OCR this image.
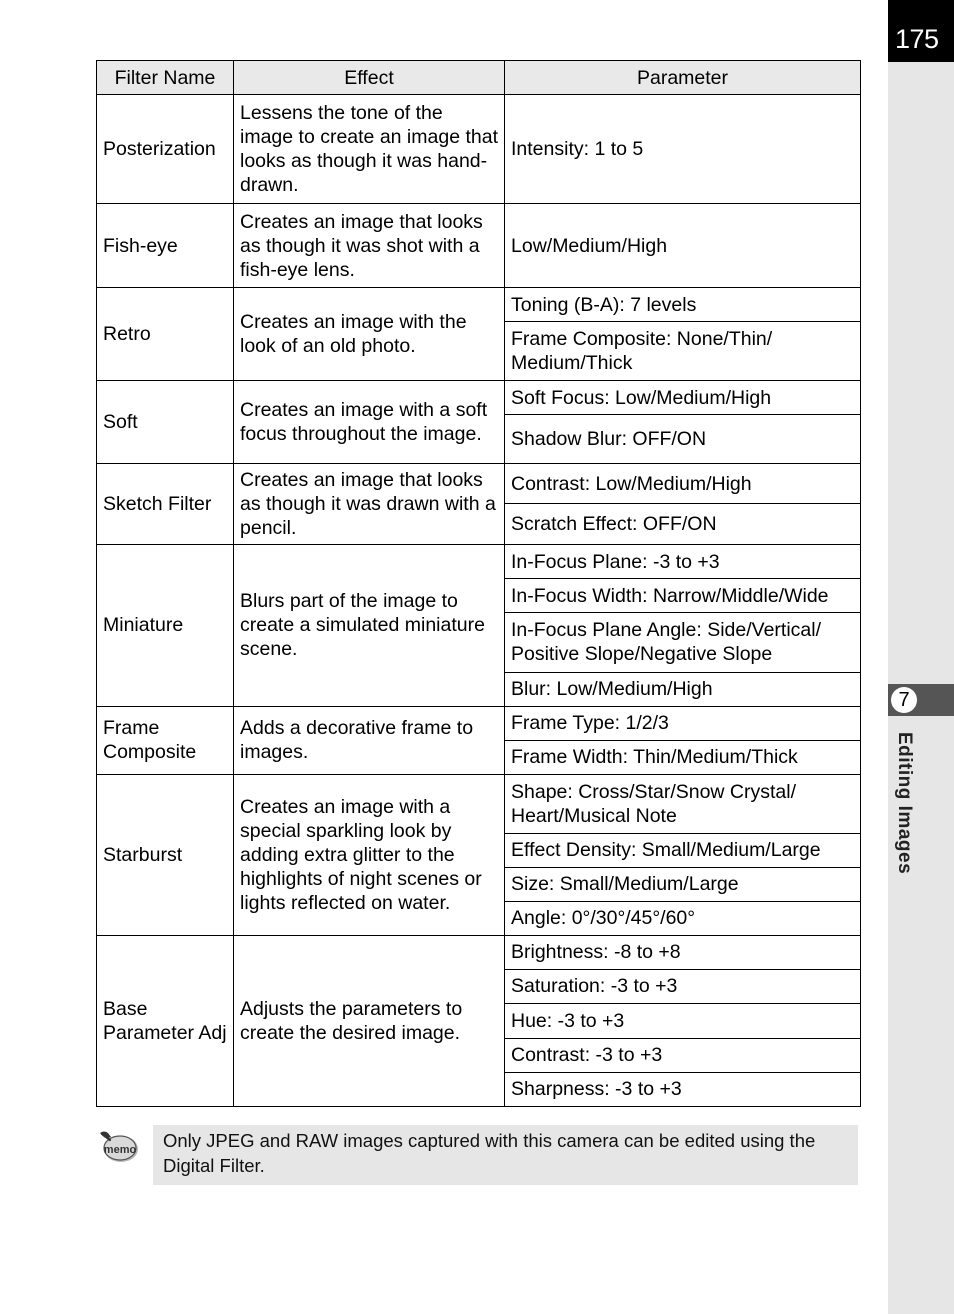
175
7
Editing Images
Filter Name	Effect	Parameter
Posterization	Lessens the tone of the image to create an image that looks as though it was hand-drawn.	Intensity: 1 to 5
Fish-eye	Creates an image that looks as though it was shot with a fish-eye lens.	Low/Medium/High
Retro	Creates an image with the look of an old photo.	Toning (B-A): 7 levels
		Frame Composite: None/Thin/ Medium/Thick
Soft	Creates an image with a soft focus throughout the image.	Soft Focus: Low/Medium/High
		Shadow Blur: OFF/ON
Sketch Filter	Creates an image that looks as though it was drawn with a pencil.	Contrast: Low/Medium/High
		Scratch Effect: OFF/ON
Miniature	Blurs part of the image to create a simulated miniature scene.	In-Focus Plane: -3 to +3
		In-Focus Width: Narrow/Middle/Wide
		In-Focus Plane Angle: Side/Vertical/ Positive Slope/Negative Slope
		Blur: Low/Medium/High
Frame Composite	Adds a decorative frame to images.	Frame Type: 1/2/3
		Frame Width: Thin/Medium/Thick
Starburst	Creates an image with a special sparkling look by adding extra glitter to the highlights of night scenes or lights reflected on water.	Shape: Cross/Star/Snow Crystal/ Heart/Musical Note
		Effect Density: Small/Medium/Large
		Size: Small/Medium/Large
		Angle: 0°/30°/45°/60°
Base Parameter Adj	Adjusts the parameters to create the desired image.	Brightness: -8 to +8
		Saturation: -3 to +3
		Hue: -3 to +3
		Contrast: -3 to +3
		Sharpness: -3 to +3
memo Only JPEG and RAW images captured with this camera can be edited using the Digital Filter.
